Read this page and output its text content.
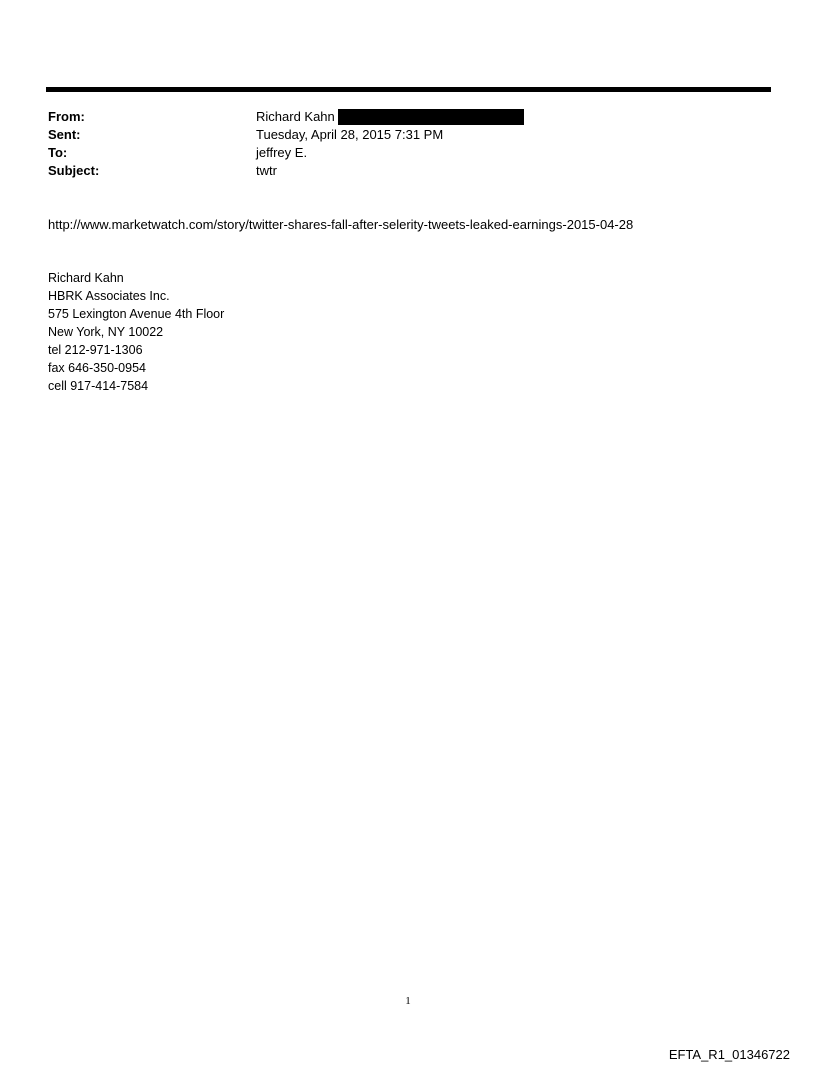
From:	Richard Kahn
Sent:	Tuesday, April 28, 2015 7:31 PM
To:	jeffrey E.
Subject:	twtr
http://www.marketwatch.com/story/twitter-shares-fall-after-selerity-tweets-leaked-earnings-2015-04-28
Richard Kahn
HBRK Associates Inc.
575 Lexington Avenue 4th Floor
New York, NY 10022
tel 212-971-1306
fax 646-350-0954
cell 917-414-7584
1
EFTA_R1_01346722
